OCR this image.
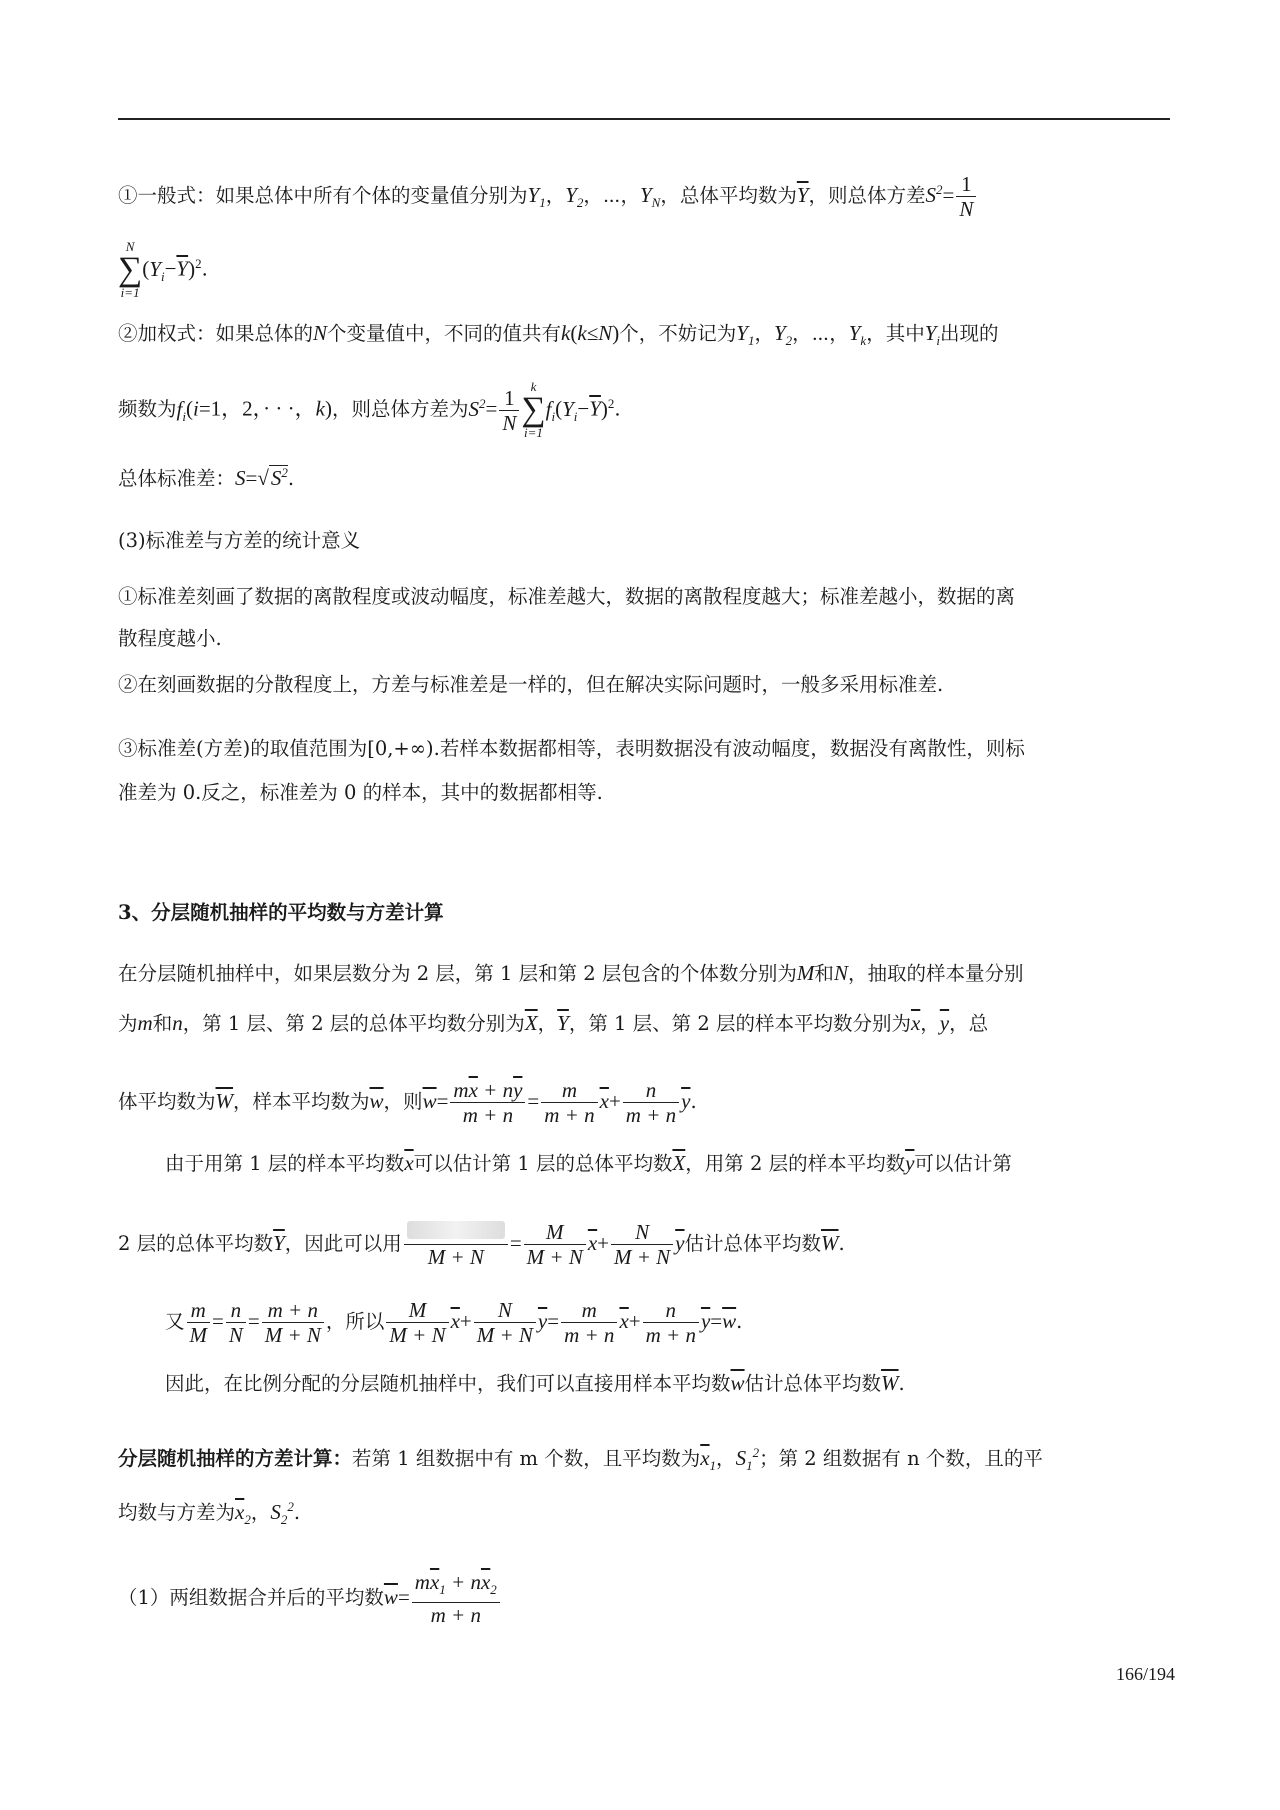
①一般式：如果总体中所有个体的变量值分别为$Y_1$，$Y_2$，⋯，$Y_N$，总体平均数为$\overline{Y}$，则总体方差$S^2= \frac{1}{N}$
N
∑
$i=1(Y_i-\overline{Y})^2$.
②加权式：如果总体的N个变量值中，不同的值共有k(k≤N)个，不妨记为$Y_1$，$Y_2$，⋯，$Y_k$，其中$Y_i$出现的
频数为$f_i(i=1$，2，· · ·，k)，则总体方差为$S^2= \frac{1}{N}$ k
∑
$i=1f_i(Y_i-\overline{Y})^2$.
总体标准差：$S=√S^2$.
(3)标准差与方差的统计意义
①标准差刻画了数据的离散程度或波动幅度，标准差越大，数据的离散程度越大；标准差越小，数据的离
散程度越小.
②在刻画数据的分散程度上，方差与标准差是一样的，但在解决实际问题时，一般多采用标准差.
③标准差(方差)的取值范围为[0,+∞).若样本数据都相等，表明数据没有波动幅度，数据没有离散性，则标
准差为 0.反之，标准差为 0 的样本，其中的数据都相等.
3、分层随机抽样的平均数与方差计算
在分层随机抽样中，如果层数分为 2 层，第 1 层和第 2 层包含的个体数分别为M和N，抽取的样本量分别
为m和n，第 1 层、第 2 层的总体平均数分别为$\overline{X}$，$\overline{Y}$，第 1 层、第 2 层的样本平均数分别为$\overline{x}$，$\overline{y}$，总
体平均数为$\overline{W}$，样本平均数为$\overline{w}$，则$\overline{w}= \frac{m\overline{x} + n\overline{y}}{m + n} = \frac{m}{m + n} \overline{x}+ \frac{n}{m + n} \overline{y}$.
由于用第 1 层的样本平均数$\overline{x}$可以估计第 1 层的总体平均数$\overline{X}$，用第 2 层的样本平均数$\overline{y}$可以估计第
2 层的总体平均数$\overline{Y}$，因此可以用
M + N
= $\frac{M}{M + N} \overline{x}+ \frac{N}{M + N} \overline{y}$估计总体平均数$\overline{W}$.
又 $\frac{m}{M} = \frac{n}{N} = \frac{m + n}{M + N}$ ，所以 $\frac{M}{M + N} \overline{x}+ \frac{N}{M + N} \overline{y}= \frac{m}{m + n} \overline{x}+ \frac{n}{m + n} \overline{y}=\overline{w}$.
因此，在比例分配的分层随机抽样中，我们可以直接用样本平均数$\overline{w}$估计总体平均数$\overline{W}$.
分层随机抽样的方差计算：若第 1 组数据中有 m 个数，且平均数为$\overline{x}_1$，$S_1^2$；第 2 组数据有 n 个数，且的平
均数与方差为$\overline{x}_2$，$S_2^2$.
（1）两组数据合并后的平均数$\overline{w}= \frac{m\overline{x}_1 + n\overline{x}_2}{m + n}$
166/194
